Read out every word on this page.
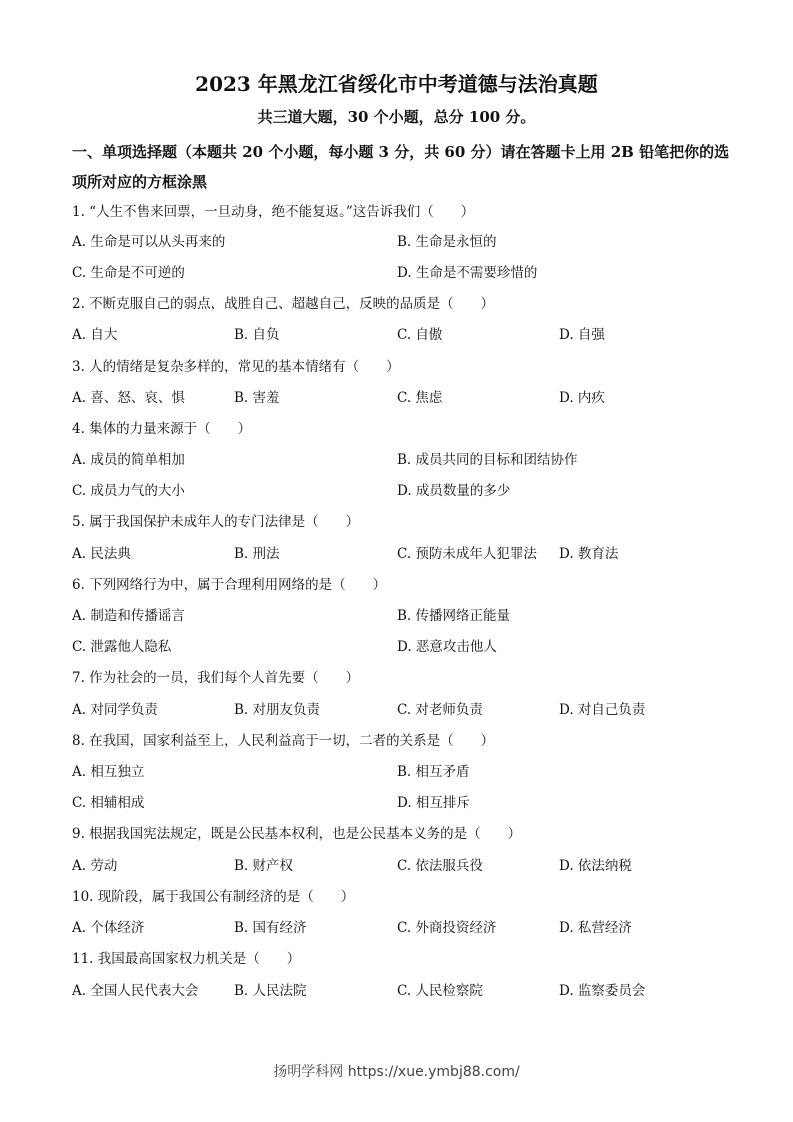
2023 年黑龙江省绥化市中考道德与法治真题
共三道大题，30 个小题，总分 100 分。
一、单项选择题（本题共 20 个小题，每小题 3 分，共 60 分）请在答题卡上用 2B 铅笔把你的选项所对应的方框涂黑
1. “人生不售来回票，一旦动身，绝不能复返。”这告诉我们（　　）
A. 生命是可以从头再来的	B. 生命是永恒的
C. 生命是不可逆的	D. 生命是不需要珍惜的
2. 不断克服自己的弱点，战胜自己、超越自己，反映的品质是（　　）
A. 自大	B. 自负	C. 自傲	D. 自强
3. 人的情绪是复杂多样的，常见的基本情绪有（　　）
A. 喜、怒、哀、惧	B. 害羞	C. 焦虑	D. 内疚
4. 集体的力量来源于（　　）
A. 成员的简单相加	B. 成员共同的目标和团结协作
C. 成员力气的大小	D. 成员数量的多少
5. 属于我国保护未成年人的专门法律是（　　）
A. 民法典	B. 刑法	C. 预防未成年人犯罪法 D. 教育法
6. 下列网络行为中，属于合理利用网络的是（　　）
A. 制造和传播谣言	B. 传播网络正能量
C. 泄露他人隐私	D. 恶意攻击他人
7. 作为社会的一员，我们每个人首先要（　　）
A. 对同学负责	B. 对朋友负责	C. 对老师负责	D. 对自己负责
8. 在我国，国家利益至上，人民利益高于一切，二者的关系是（　　）
A. 相互独立	B. 相互矛盾
C. 相辅相成	D. 相互排斥
9. 根据我国宪法规定，既是公民基本权利，也是公民基本义务的是（　　）
A. 劳动	B. 财产权	C. 依法服兵役	D. 依法纳税
10. 现阶段，属于我国公有制经济的是（　　）
A. 个体经济	B. 国有经济	C. 外商投资经济	D. 私营经济
11. 我国最高国家权力机关是（　　）
A. 全国人民代表大会	B. 人民法院	C. 人民检察院	D. 监察委员会
扬明学科网 https://xue.ymbj88.com/
